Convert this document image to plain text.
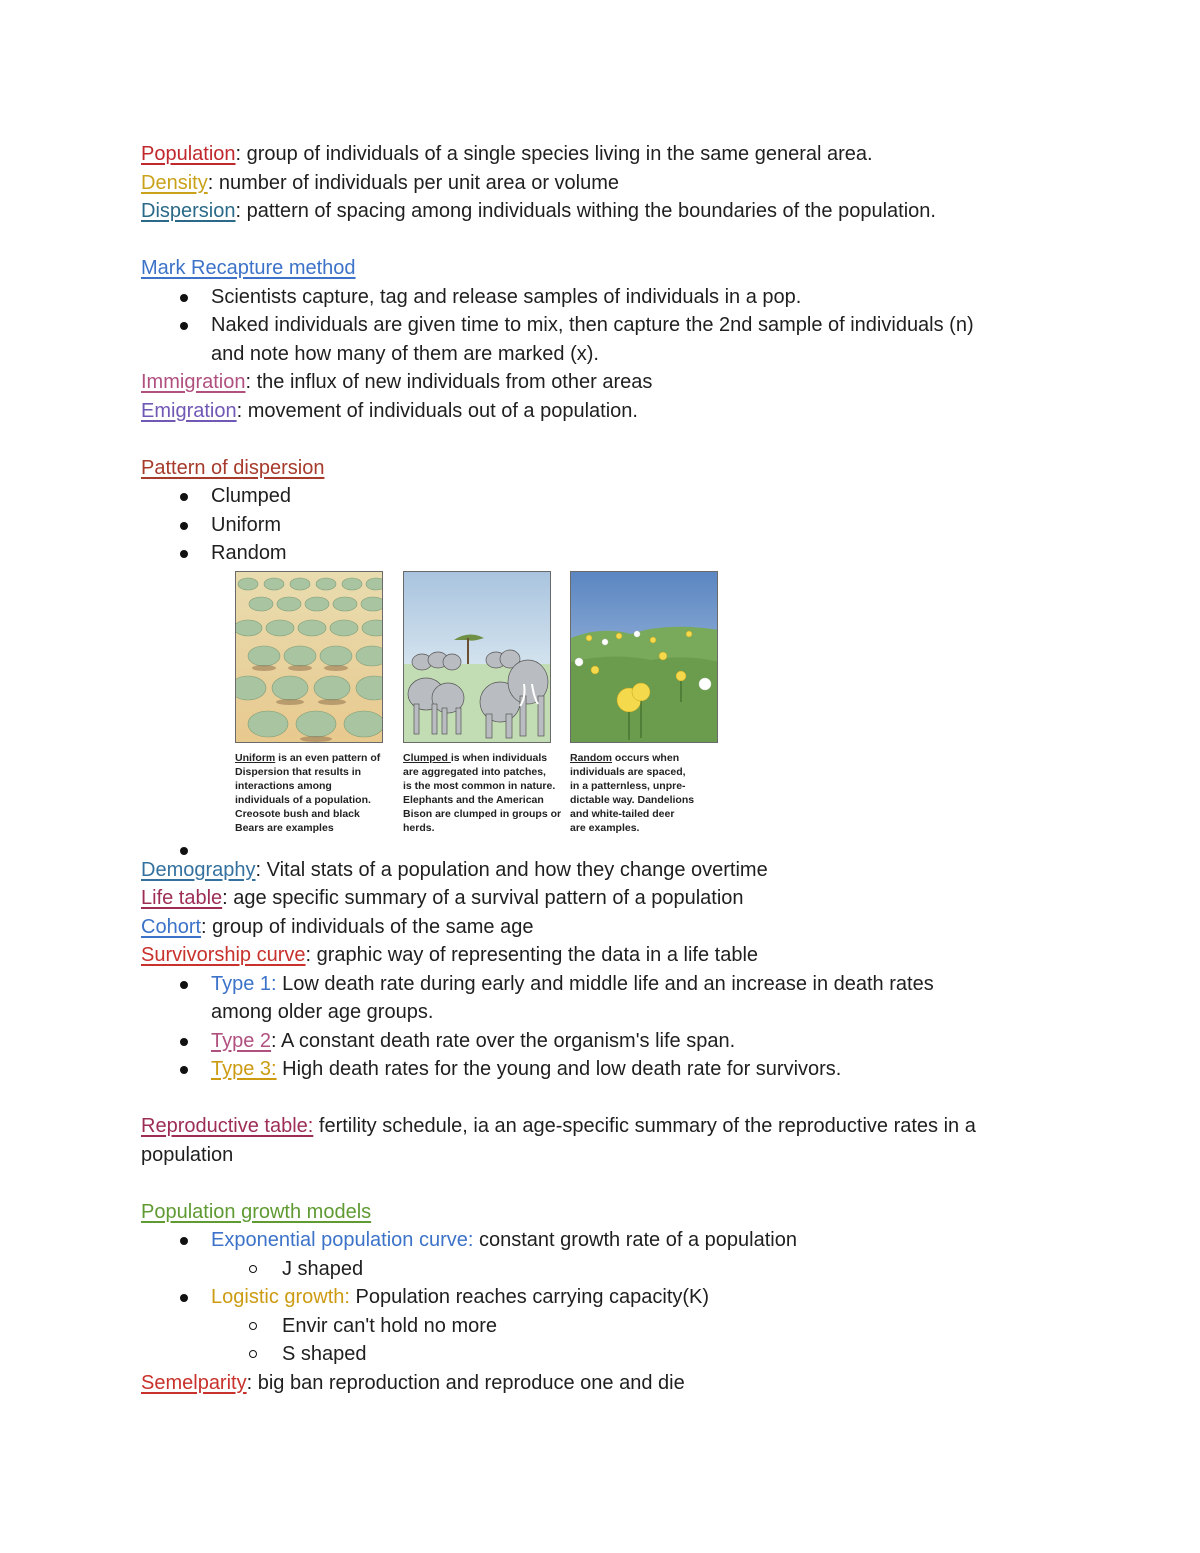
Population: group of individuals of a single species living in the same general area.
Density: number of individuals per unit area or volume
Dispersion: pattern of spacing among individuals withing the boundaries of the population.
Mark Recapture method
Scientists capture, tag and release samples of individuals in a pop.
Naked individuals are given time to mix, then capture the 2nd sample of individuals (n)
and note how many of them are marked (x).
Immigration: the influx of new individuals from other areas
Emigration: movement of individuals out of a population.
Pattern of dispersion
Clumped
Uniform
Random
Uniform is an even pattern of
Dispersion that results in
interactions among
individuals of a population.
Creosote bush and black
Bears are examples
Clumped is when individuals
are aggregated into patches,
is the most common in nature.
Elephants and the American
Bison are clumped in groups or
herds.
Random occurs when
individuals are spaced,
in a patternless, unpre-
dictable way. Dandelions
and white-tailed deer
are examples.
Demography: Vital stats of a population and how they change overtime
Life table: age specific summary of a survival pattern of a population
Cohort: group of individuals of the same age
Survivorship curve: graphic way of representing the data in a life table
Type 1: Low death rate during early and middle life and an increase in death rates
among older age groups.
Type 2: A constant death rate over the organism's life span.
Type 3: High death rates for the young and low death rate for survivors.
Reproductive table: fertility schedule, ia an age-specific summary of the reproductive rates in a
population
Population growth models
Exponential population curve: constant growth rate of a population
J shaped
Logistic growth: Population reaches carrying capacity(K)
Envir can't hold no more
S shaped
Semelparity: big ban reproduction and reproduce one and die
